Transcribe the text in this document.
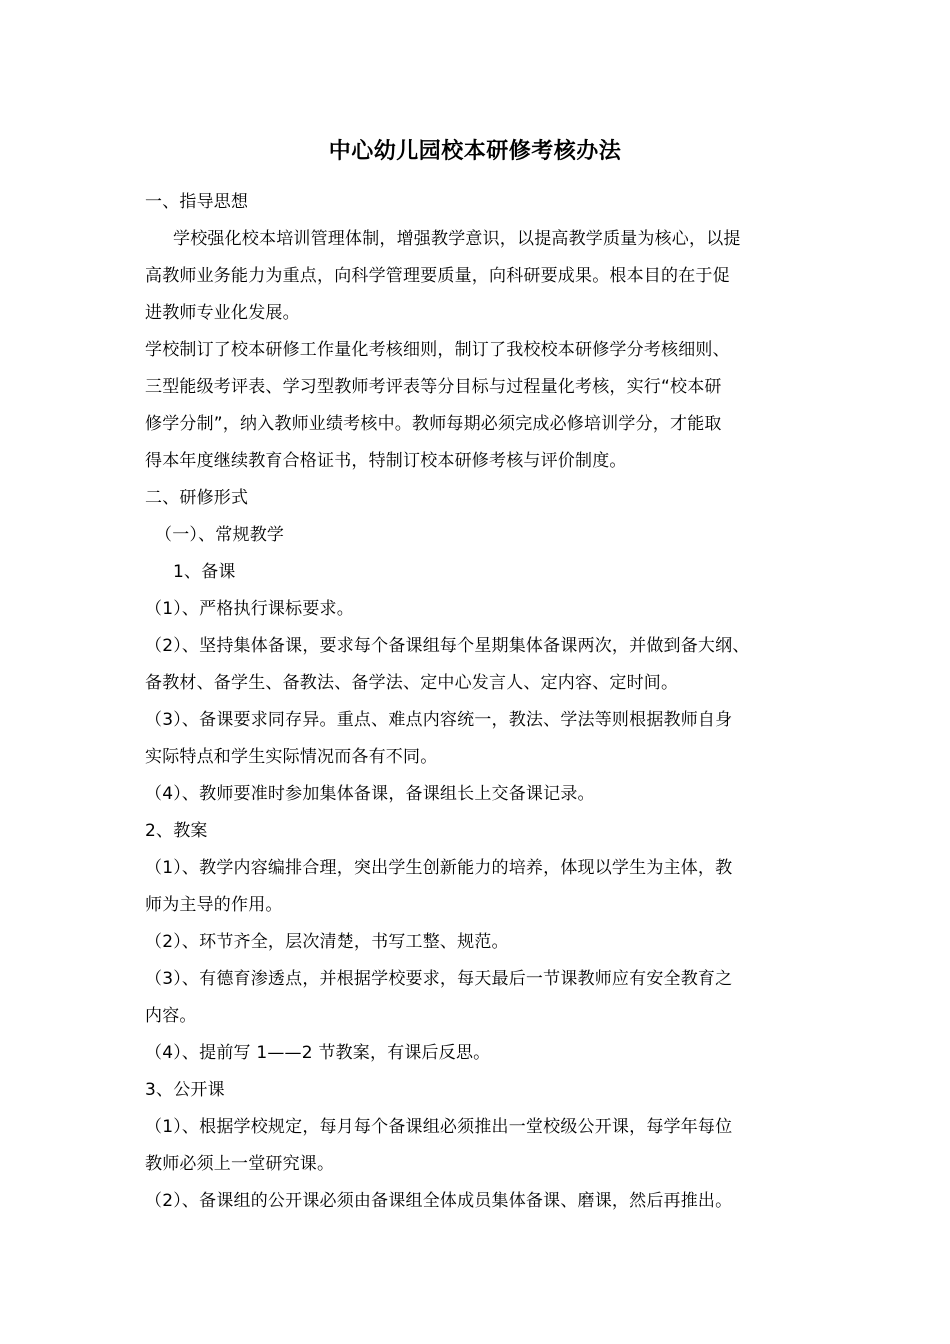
中心幼儿园校本研修考核办法
一、指导思想
学校强化校本培训管理体制，增强教学意识，以提高教学质量为核心，以提
高教师业务能力为重点，向科学管理要质量，向科研要成果。根本目的在于促
进教师专业化发展。
学校制订了校本研修工作量化考核细则，制订了我校校本研修学分考核细则、
三型能级考评表、学习型教师考评表等分目标与过程量化考核，实行“校本研
修学分制”，纳入教师业绩考核中。教师每期必须完成必修培训学分，才能取
得本年度继续教育合格证书，特制订校本研修考核与评价制度。
二、研修形式
（一）、常规教学
1、备课
（1）、严格执行课标要求。
（2）、坚持集体备课，要求每个备课组每个星期集体备课两次，并做到备大纲、
备教材、备学生、备教法、备学法、定中心发言人、定内容、定时间。
（3）、备课要求同存异。重点、难点内容统一，教法、学法等则根据教师自身
实际特点和学生实际情况而各有不同。
（4）、教师要准时参加集体备课，备课组长上交备课记录。
2、教案
（1）、教学内容编排合理，突出学生创新能力的培养，体现以学生为主体，教
师为主导的作用。
（2）、环节齐全，层次清楚，书写工整、规范。
（3）、有德育渗透点，并根据学校要求，每天最后一节课教师应有安全教育之
内容。
（4）、提前写 1——2 节教案，有课后反思。
3、公开课
（1）、根据学校规定，每月每个备课组必须推出一堂校级公开课，每学年每位
教师必须上一堂研究课。
（2）、备课组的公开课必须由备课组全体成员集体备课、磨课，然后再推出。
